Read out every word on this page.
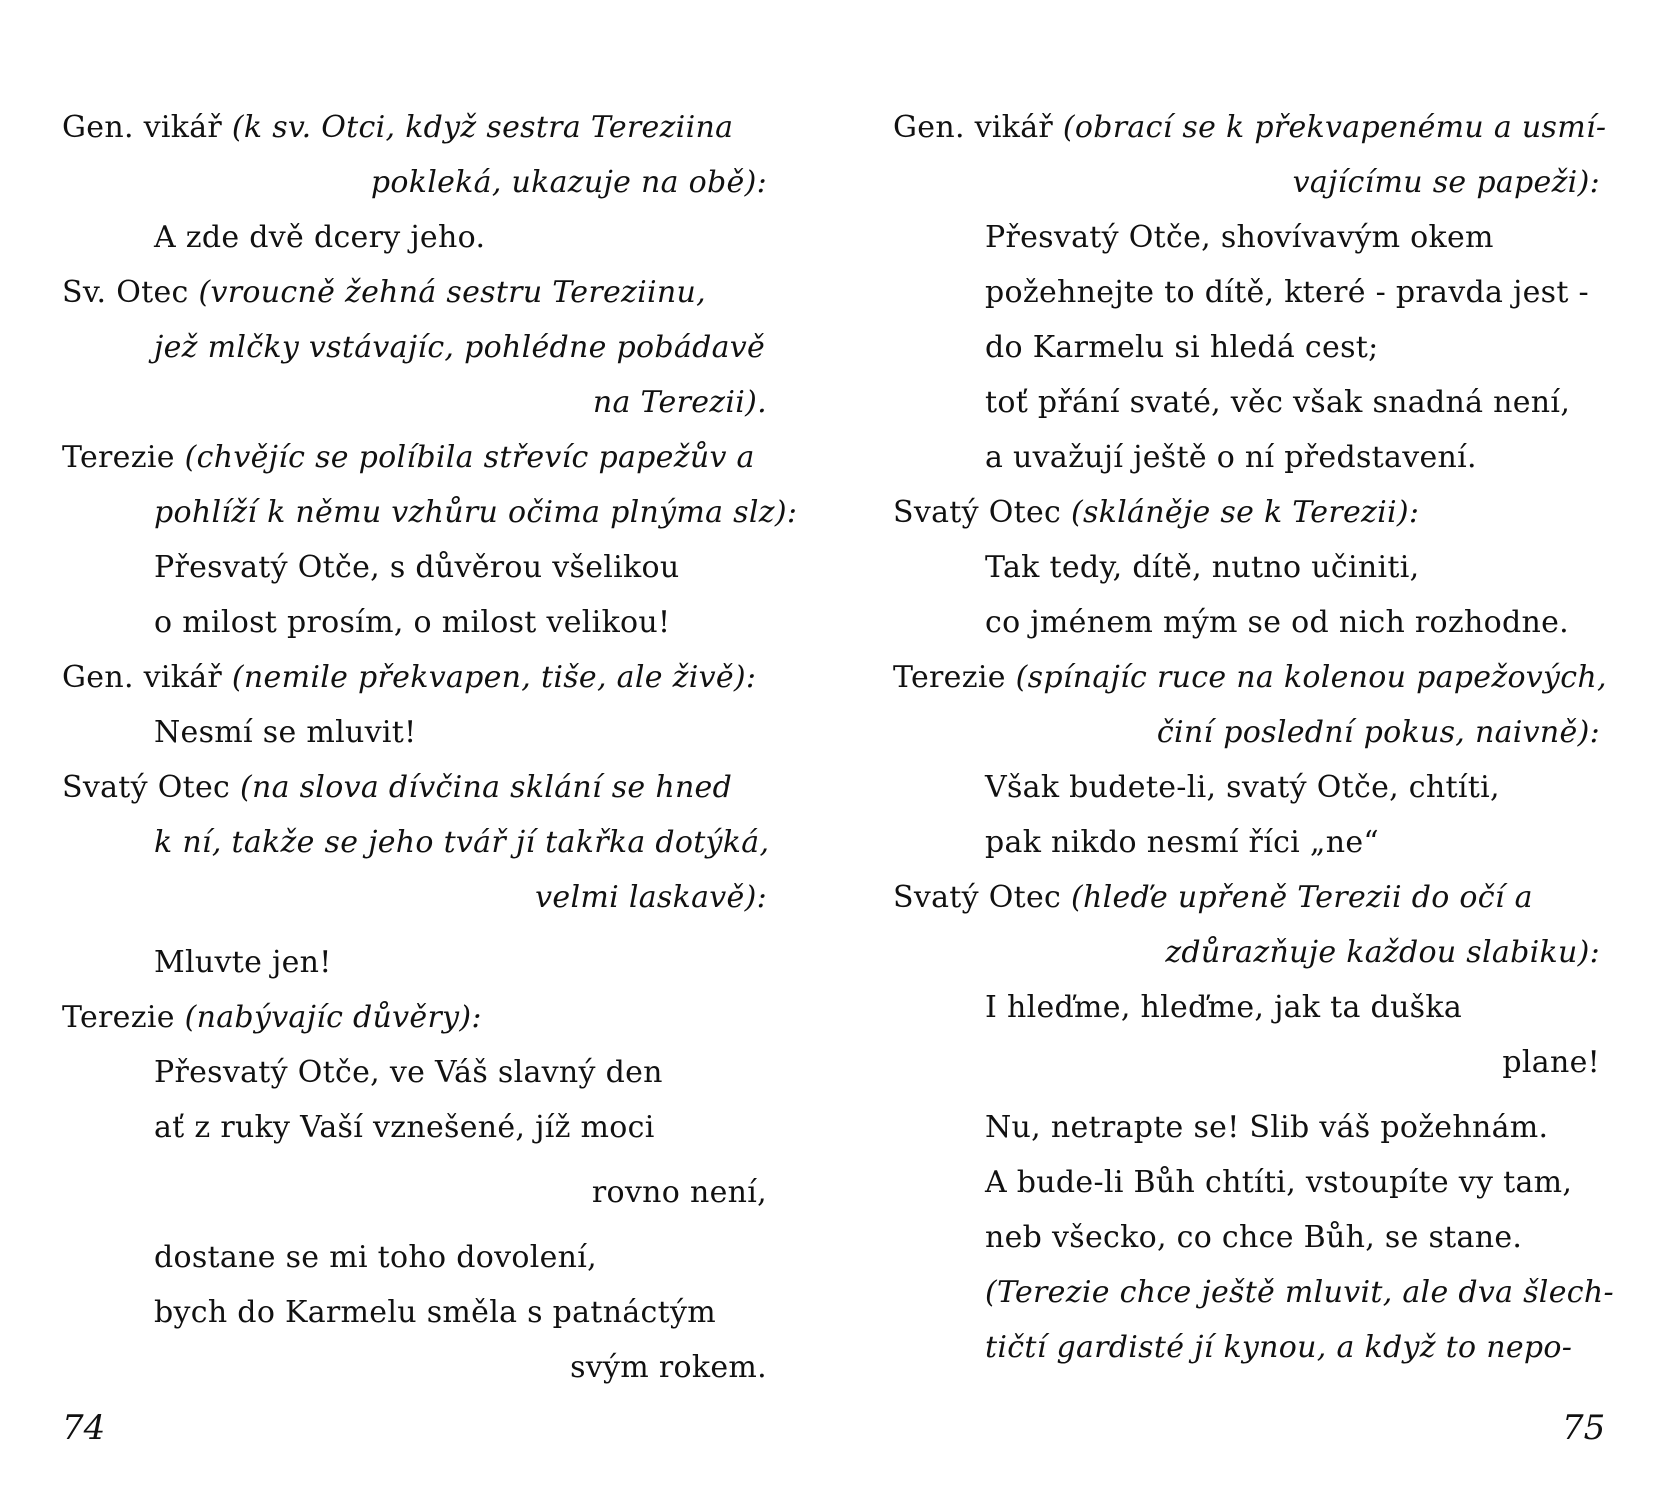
Gen. vikář (k sv. Otci, když sestra Tereziina
pokleká, ukazuje na obě):
A zde dvě dcery jeho.
Sv. Otec (vroucně žehná sestru Tereziinu,
jež mlčky vstávajíc, pohlédne pobádavě
na Terezii).
Terezie (chvějíc se políbila střevíc papežův a
pohlíží k němu vzhůru očima plnýma slz):
Přesvatý Otče, s důvěrou všelikou
o milost prosím, o milost velikou!
Gen. vikář (nemile překvapen, tiše, ale živě):
Nesmí se mluvit!
Svatý Otec (na slova dívčina sklání se hned
k ní, takže se jeho tvář jí takřka dotýká,
velmi laskavě):
Mluvte jen!
Terezie (nabývajíc důvěry):
Přesvatý Otče, ve Váš slavný den
ať z ruky Vaší vznešené, jíž moci
rovno není,
dostane se mi toho dovolení,
bych do Karmelu směla s patnáctým
svým rokem.
Gen. vikář (obrací se k překvapenému a usmí-
vajícímu se papeži):
Přesvatý Otče, shovívavým okem
požehnejte to dítě, které - pravda jest -
do Karmelu si hledá cest;
toť přání svaté, věc však snadná není,
a uvažují ještě o ní představení.
Svatý Otec (skláněje se k Terezii):
Tak tedy, dítě, nutno učiniti,
co jménem mým se od nich rozhodne.
Terezie (spínajíc ruce na kolenou papežových,
činí poslední pokus, naivně):
Však budete-li, svatý Otče, chtíti,
pak nikdo nesmí říci „ne“
Svatý Otec (hleďe upřeně Terezii do očí a
zdůrazňuje každou slabiku):
I hleďme, hleďme, jak ta duška
plane!
Nu, netrapte se! Slib váš požehnám.
A bude-li Bůh chtíti, vstoupíte vy tam,
neb všecko, co chce Bůh, se stane.
(Terezie chce ještě mluvit, ale dva šlech-
tičtí gardisté jí kynou, a když to nepo-
74	75
